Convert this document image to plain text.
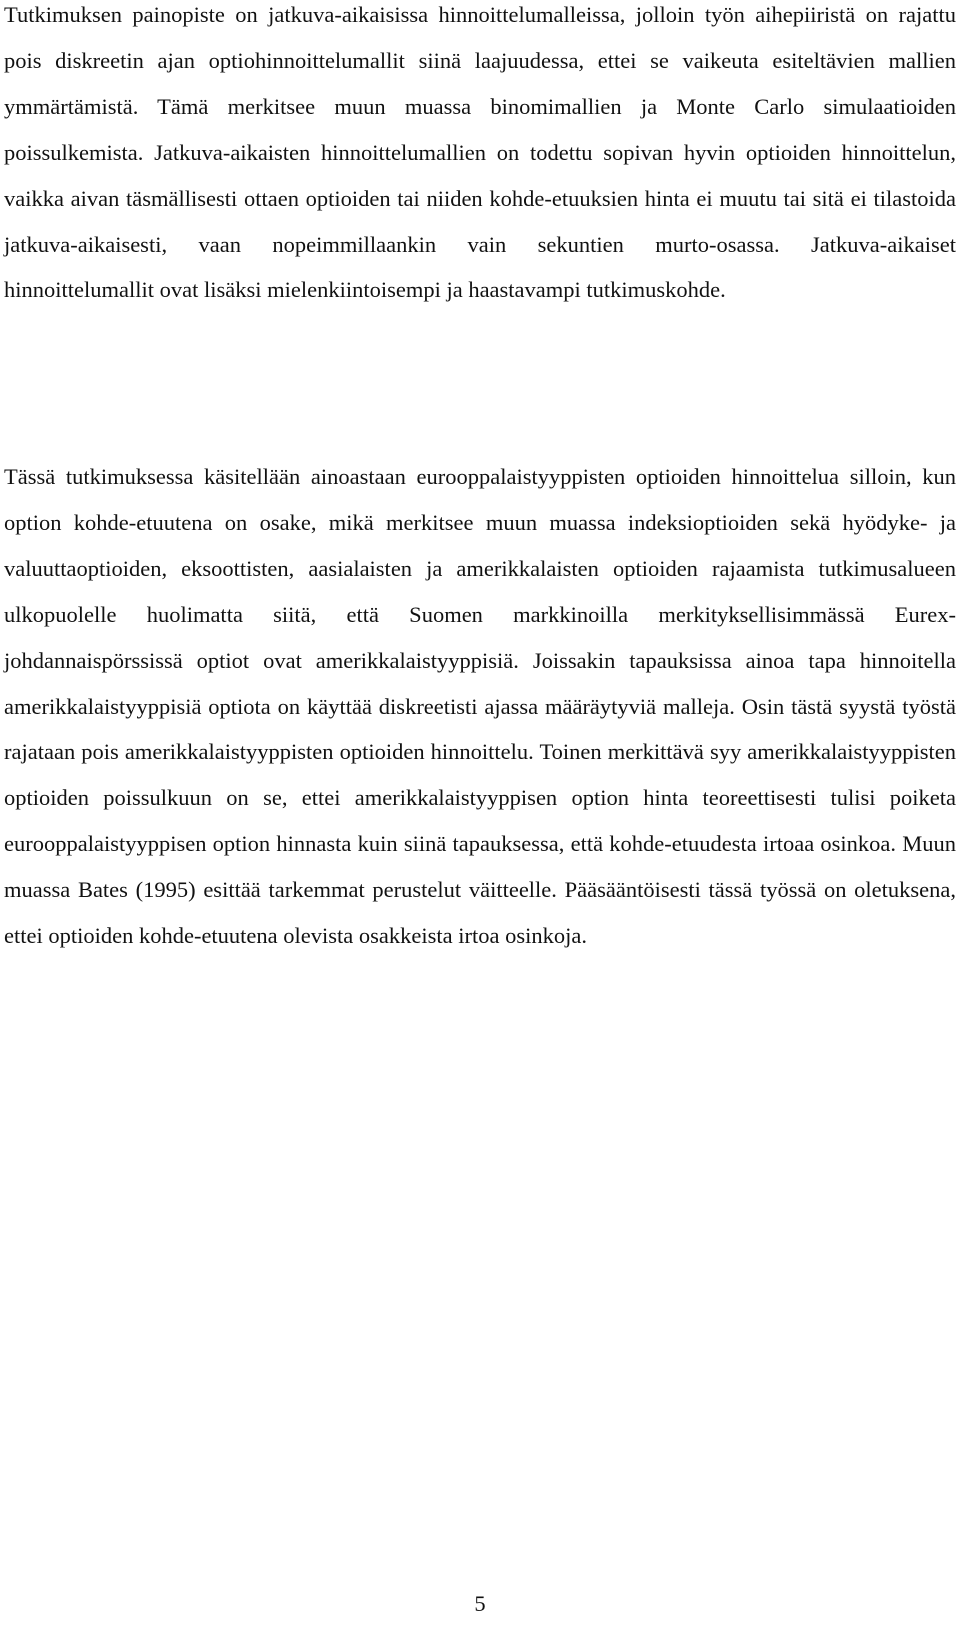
Tutkimuksen painopiste on jatkuva-aikaisissa hinnoittelumalleissa, jolloin työn aihepiiristä on rajattu pois diskreetin ajan optiohinnoittelumallit siinä laajuudessa, ettei se vaikeuta esiteltävien mallien ymmärtämistä. Tämä merkitsee muun muassa binomimallien ja Monte Carlo simulaatioiden poissulkemista. Jatkuva-aikaisten hinnoittelumallien on todettu sopivan hyvin optioiden hinnoittelun, vaikka aivan täsmällisesti ottaen optioiden tai niiden kohde-etuuksien hinta ei muutu tai sitä ei tilastoida jatkuva-aikaisesti, vaan nopeimmillaankin vain sekuntien murto-osassa. Jatkuva-aikaiset hinnoittelumallit ovat lisäksi mielenkiintoisempi ja haastavampi tutkimuskohde.

Tässä tutkimuksessa käsitellään ainoastaan eurooppalaistyyppisten optioiden hinnoittelua silloin, kun option kohde-etuutena on osake, mikä merkitsee muun muassa indeksioptioiden sekä hyödyke- ja valuuttaoptioiden, eksoottisten, aasialaisten ja amerikkalaisten optioiden rajaamista tutkimusalueen ulkopuolelle huolimatta siitä, että Suomen markkinoilla merkityksellisimmässä Eurex-johdannaispörssissä optiot ovat amerikkalaistyyppisiä. Joissakin tapauksissa ainoa tapa hinnoitella amerikkalaistyyppisiä optiota on käyttää diskreetisti ajassa määräytyviä malleja. Osin tästä syystä työstä rajataan pois amerikkalaistyyppisten optioiden hinnoittelu. Toinen merkittävä syy amerikkalaistyyppisten optioiden poissulkuun on se, ettei amerikkalaistyyppisen option hinta teoreettisesti tulisi poiketa eurooppalaistyyppisen option hinnasta kuin siinä tapauksessa, että kohde-etuudesta irtoaa osinkoa. Muun muassa Bates (1995) esittää tarkemmat perustelut väitteelle. Pääsääntöisesti tässä työssä on oletuksena, ettei optioiden kohde-etuutena olevista osakkeista irtoa osinkoja.

5
